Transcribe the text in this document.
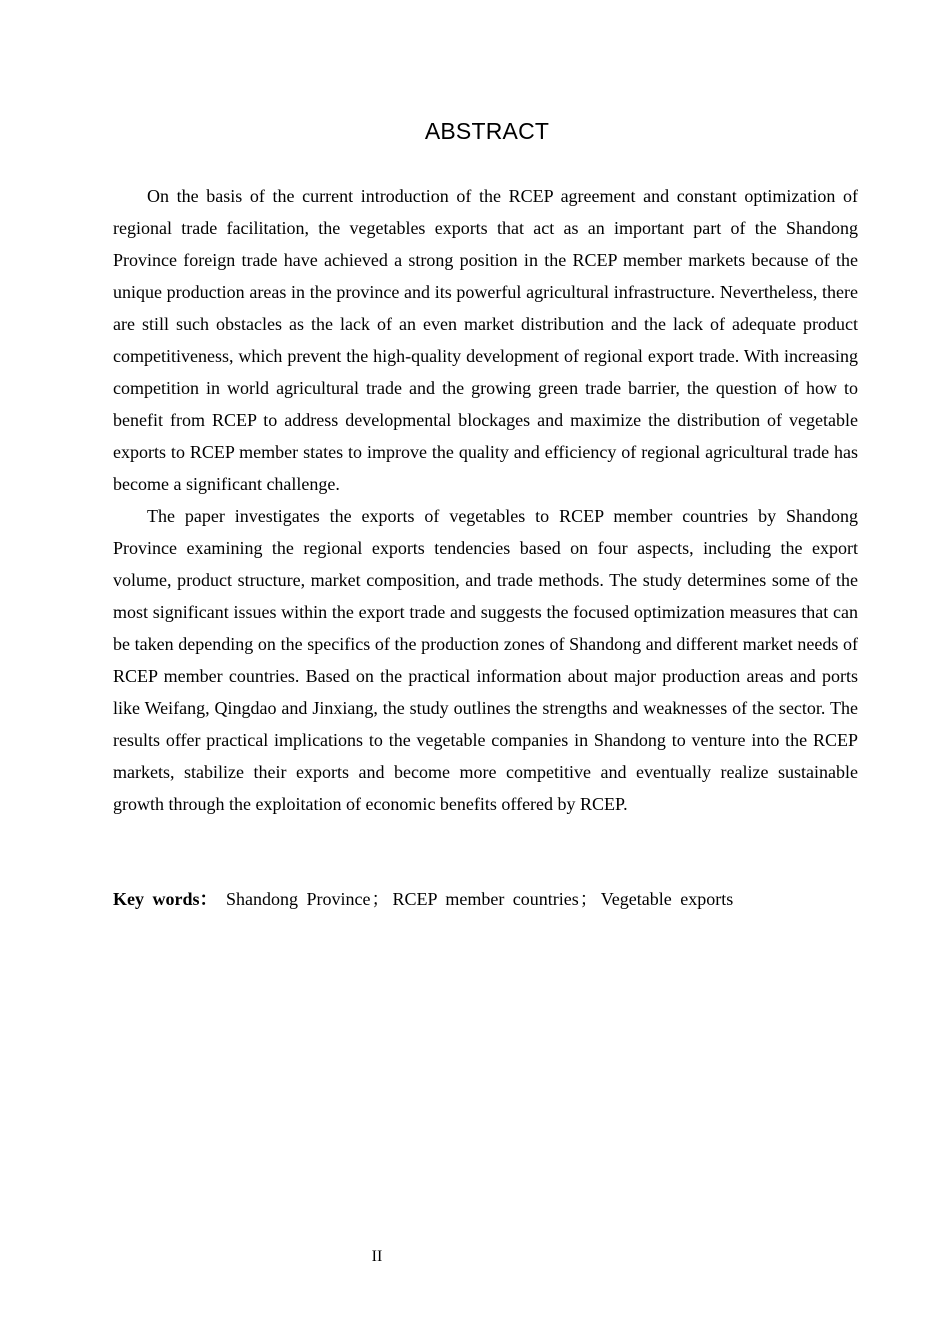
ABSTRACT

On the basis of the current introduction of the RCEP agreement and constant optimization of regional trade facilitation, the vegetables exports that act as an important part of the Shandong Province foreign trade have achieved a strong position in the RCEP member markets because of the unique production areas in the province and its powerful agricultural infrastructure. Nevertheless, there are still such obstacles as the lack of an even market distribution and the lack of adequate product competitiveness, which prevent the high-quality development of regional export trade. With increasing competition in world agricultural trade and the growing green trade barrier, the question of how to benefit from RCEP to address developmental blockages and maximize the distribution of vegetable exports to RCEP member states to improve the quality and efficiency of regional agricultural trade has become a significant challenge.

The paper investigates the exports of vegetables to RCEP member countries by Shandong Province examining the regional exports tendencies based on four aspects, including the export volume, product structure, market composition, and trade methods. The study determines some of the most significant issues within the export trade and suggests the focused optimization measures that can be taken depending on the specifics of the production zones of Shandong and different market needs of RCEP member countries. Based on the practical information about major production areas and ports like Weifang, Qingdao and Jinxiang, the study outlines the strengths and weaknesses of the sector. The results offer practical implications to the vegetable companies in Shandong to venture into the RCEP markets, stabilize their exports and become more competitive and eventually realize sustainable growth through the exploitation of economic benefits offered by RCEP.

Key words： Shandong Province； RCEP member countries； Vegetable exports
II
